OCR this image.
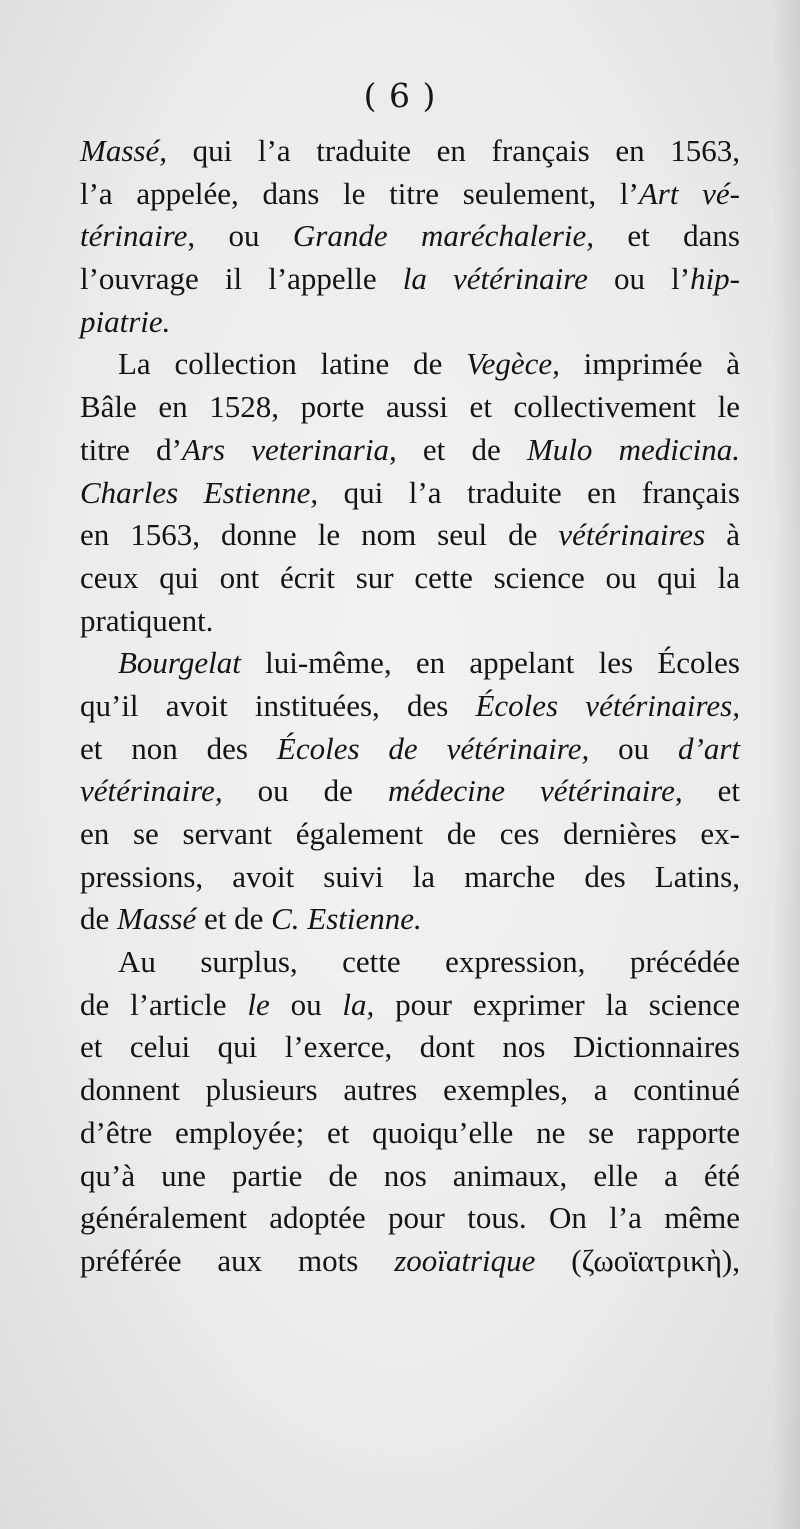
( 6 )
Massé, qui l’a traduite en français en 1563,
l’a appelée, dans le titre seulement, l’Art vé-
térinaire, ou Grande maréchalerie, et dans
l’ouvrage il l’appelle la vétérinaire ou l’hip-
piatrie.
La collection latine de Vegèce, imprimée à
Bâle en 1528, porte aussi et collectivement le
titre d’Ars veterinaria, et de Mulo medicina.
Charles Estienne, qui l’a traduite en français
en 1563, donne le nom seul de vétérinaires à
ceux qui ont écrit sur cette science ou qui la
pratiquent.
Bourgelat lui-même, en appelant les Écoles
qu’il avoit instituées, des Écoles vétérinaires,
et non des Écoles de vétérinaire, ou d’art
vétérinaire, ou de médecine vétérinaire, et
en se servant également de ces dernières ex-
pressions, avoit suivi la marche des Latins,
de Massé et de C. Estienne.
Au surplus, cette expression, précédée
de l’article le ou la, pour exprimer la science
et celui qui l’exerce, dont nos Dictionnaires
donnent plusieurs autres exemples, a continué
d’être employée; et quoiqu’elle ne se rapporte
qu’à une partie de nos animaux, elle a été
généralement adoptée pour tous. On l’a même
préférée aux mots zooïatrique (ζωοϊατρικὴ),
